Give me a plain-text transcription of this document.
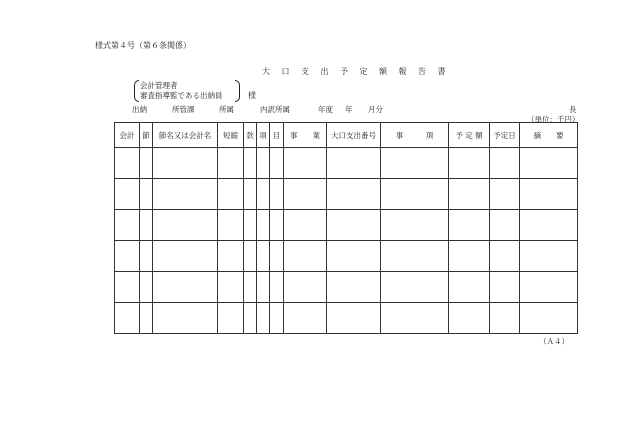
様式第４号（第６条関係）
大口支出予定額報告書
会計管理者
審査指導監である出納員	様
出納	所管課	所属	内訳所属	年度 年 月分	長
（単位：千円）
会計	節	節名又は会計名	短縮	款	項	目	事　　業	大口支出番号	事　　　項	予 定 額	予定日	摘　　要

（Ａ４）
